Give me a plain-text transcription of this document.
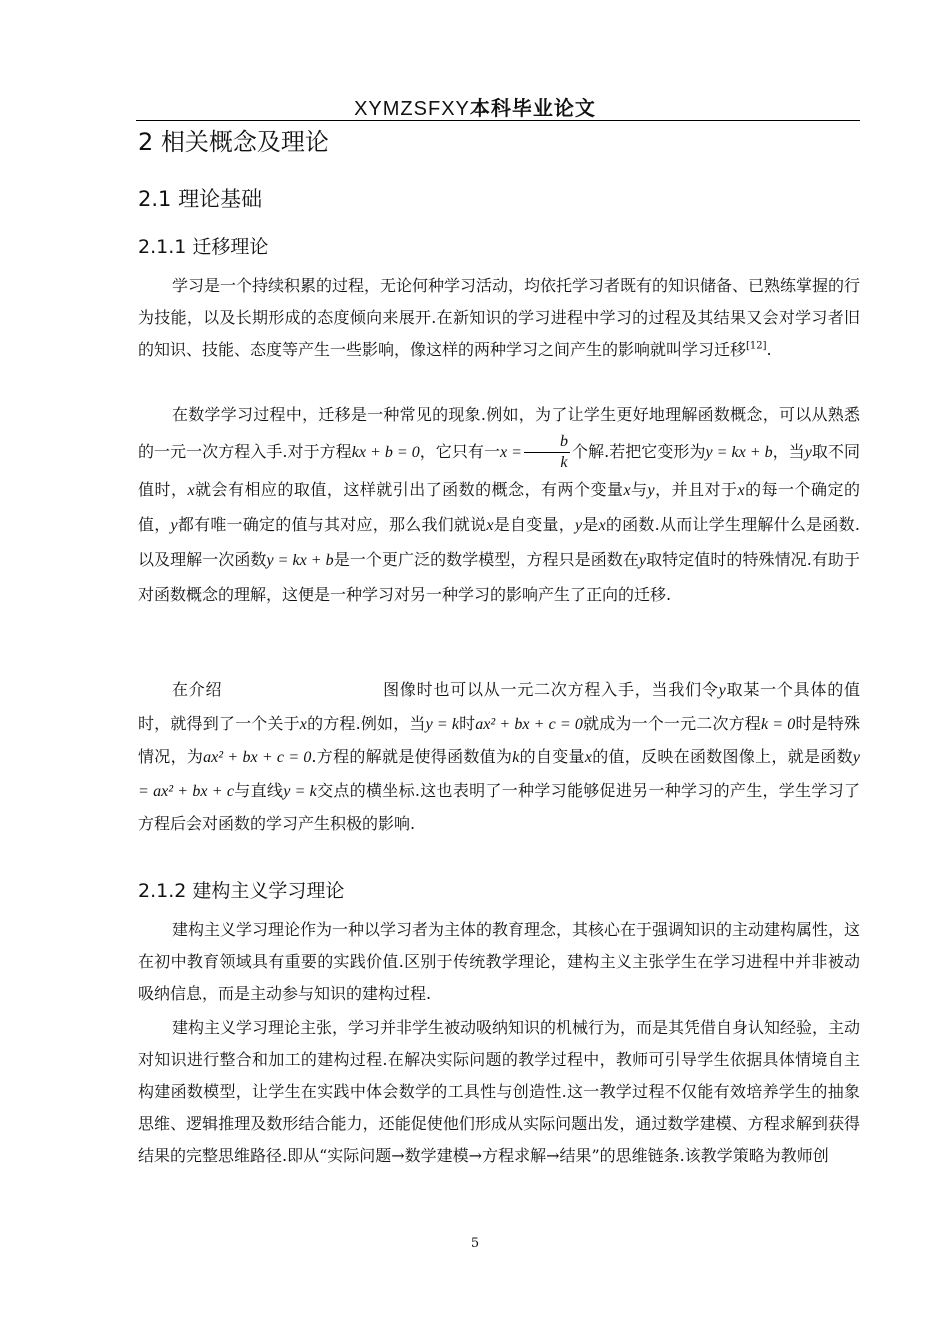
XYMZSFXY本科毕业论文
2 相关概念及理论
2.1 理论基础
2.1.1 迁移理论
学习是一个持续积累的过程，无论何种学习活动，均依托学习者既有的知识储备、已熟练掌握的行为技能，以及长期形成的态度倾向来展开.在新知识的学习进程中学习的过程及其结果又会对学习者旧的知识、技能、态度等产生一些影响，像这样的两种学习之间产生的影响就叫学习迁移[12].
在数学学习过程中，迁移是一种常见的现象.例如，为了让学生更好地理解函数概念，可以从熟悉的一元一次方程入手.对于方程kx + b = 0，它只有一$x = \frac{b}{k}$ 个解.若把它变形为y = kx + b，当y取不同值时，x就会有相应的取值，这样就引出了函数的概念，有两个变量x与y，并且对于x的每一个确定的值，y都有唯一确定的值与其对应，那么我们就说x是自变量，y是x的函数.从而让学生理解什么是函数.以及理解一次函数y = kx + b是一个更广泛的数学模型，方程只是函数在y取特定值时的特殊情况.有助于对函数概念的理解，这便是一种学习对另一种学习的影响产生了正向的迁移.
在介绍	图像时也可以从一元二次方程入手，当我们令y取某一个具体的值时，就得到了一个关于x的方程.例如，当y = k时ax² + bx + c = 0就成为一个一元二次方程k = 0时是特殊情况，为ax² + bx + c = 0.方程的解就是使得函数值为k的自变量x的值，反映在函数图像上，就是函数y = ax² + bx + c与直线y = k交点的横坐标.这也表明了一种学习能够促进另一种学习的产生，学生学习了方程后会对函数的学习产生积极的影响.
2.1.2 建构主义学习理论
建构主义学习理论作为一种以学习者为主体的教育理念，其核心在于强调知识的主动建构属性，这在初中教育领域具有重要的实践价值.区别于传统教学理论，建构主义主张学生在学习进程中并非被动吸纳信息，而是主动参与知识的建构过程.
建构主义学习理论主张，学习并非学生被动吸纳知识的机械行为，而是其凭借自身认知经验，主动对知识进行整合和加工的建构过程.在解决实际问题的教学过程中，教师可引导学生依据具体情境自主构建函数模型，让学生在实践中体会数学的工具性与创造性.这一教学过程不仅能有效培养学生的抽象思维、逻辑推理及数形结合能力，还能促使他们形成从实际问题出发，通过数学建模、方程求解到获得结果的完整思维路径.即从“实际问题→数学建模→方程求解→结果”的思维链条.该教学策略为教师创
5
